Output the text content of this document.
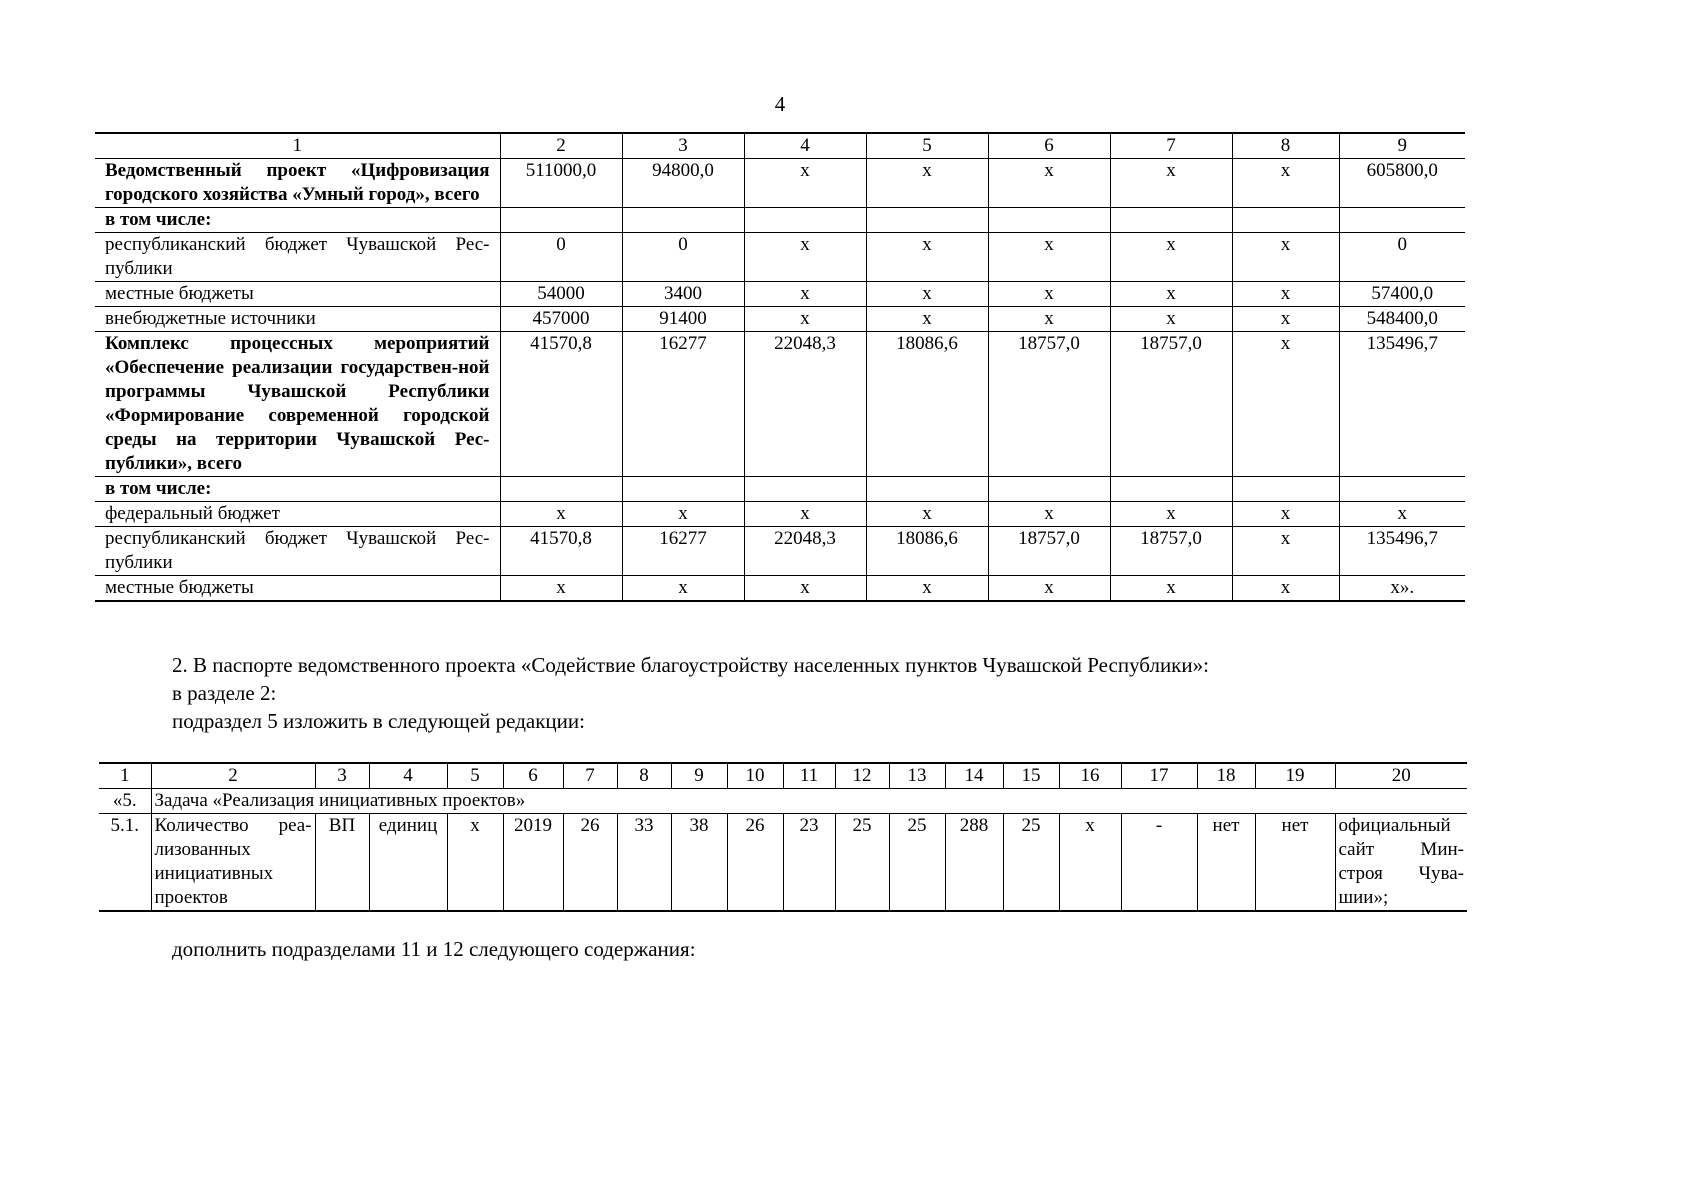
4
1	2	3	4	5	6	7	8	9
Ведомственный проект «Цифровизация городского хозяйства «Умный город», всего	511000,0	94800,0	х	х	х	х	х	605800,0
в том числе:								
республиканский бюджет Чувашской Рес-публики	0	0	х	х	х	х	х	0
местные бюджеты	54000	3400	х	х	х	х	х	57400,0
внебюджетные источники	457000	91400	х	х	х	х	х	548400,0
Комплекс процессных мероприятий «Обеспечение реализации государствен-ной программы Чувашской Республики «Формирование современной городской среды на территории Чувашской Рес-публики», всего	41570,8	16277	22048,3	18086,6	18757,0	18757,0	х	135496,7
в том числе:								
федеральный бюджет	х	х	х	х	х	х	х	х
республиканский бюджет Чувашской Рес-публики	41570,8	16277	22048,3	18086,6	18757,0	18757,0	х	135496,7
местные бюджеты	х	х	х	х	х	х	х	х».
2. В паспорте ведомственного проекта «Содействие благоустройству населенных пунктов Чувашской Республики»:
в разделе 2:
подраздел 5 изложить в следующей редакции:
1	2	3	4	5	6	7	8	9	10	11	12	13	14	15	16	17	18	19	20
«5.	Задача «Реализация инициативных проектов»																		
5.1.	Количество реа-лизованных инициативных проектов	ВП	единиц	х	2019	26	33	38	26	23	25	25	288	25	х	-	нет	нет	официальный сайт Мин-строя Чува-шии»;
дополнить подразделами 11 и 12 следующего содержания:
